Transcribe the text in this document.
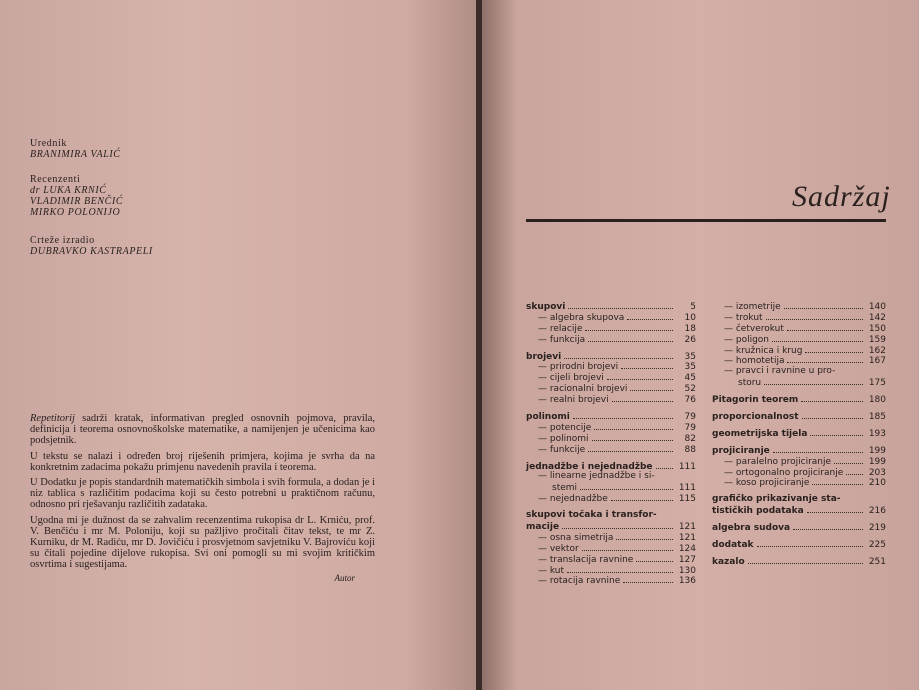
Urednik
BRANIMIRA VALIĆ
Recenzenti
dr LUKA KRNIĆ
VLADIMIR BENČIĆ
MIRKO POLONIJO
Crteže izradio
DUBRAVKO KASTRAPELI

Repetitorij sadrži kratak, informativan pregled osnovnih pojmova, pravila, definicija i teorema osnovnoškolske matematike, a namijenjen je učenicima kao podsjetnik.

U tekstu se nalazi i određen broj riješenih primjera, kojima je svrha da na konkretnim zadacima pokažu primjenu navedenih pravila i teorema.

U Dodatku je popis standardnih matematičkih simbola i svih formula, a dodan je i niz tablica s različitim podacima koji su često potrebni u praktičnom računu, odnosno pri rješavanju različitih zadataka.

Ugodna mi je dužnost da se zahvalim recenzentima rukopisa dr L. Krniću, prof. V. Benčiću i mr M. Poloniju, koji su pažljivo pročitali čitav tekst, te mr Z. Kurniku, dr M. Radiću, mr D. Jovičiću i prosvjetnom savjetniku V. Bajroviću koji su čitali pojedine dijelove rukopisa. Svi oni pomogli su mi svojim kritičkim osvrtima i sugestijama.

Autor
Sadržaj
skupovi	5
— algebra skupova	10
— relacije	18
— funkcija	26
brojevi	35
— prirodni brojevi	35
— cijeli brojevi	45
— racionalni brojevi	52
— realni brojevi	76
polinomi	79
— potencije	79
— polinomi	82
— funkcije	88
jednadžbe i nejednadžbe	111
— linearne jednadžbe i si-
stemi	111
— nejednadžbe	115
skupovi točaka i transfor-
macije	121
— osna simetrija	121
— vektor	124
— translacija ravnine	127
— kut	130
— rotacija ravnine	136
— izometrije	140
— trokut	142
— četverokut	150
— poligon	159
— kružnica i krug	162
— homotetija	167
— pravci i ravnine u pro-
storu	175
Pitagorin teorem	180
proporcionalnost	185
geometrijska tijela	193
projiciranje	199
— paralelno projiciranje	199
— ortogonalno projiciranje	203
— koso projiciranje	210
grafičko prikazivanje sta-
tističkih podataka	216
algebra sudova	219
dodatak	225
kazalo	251
